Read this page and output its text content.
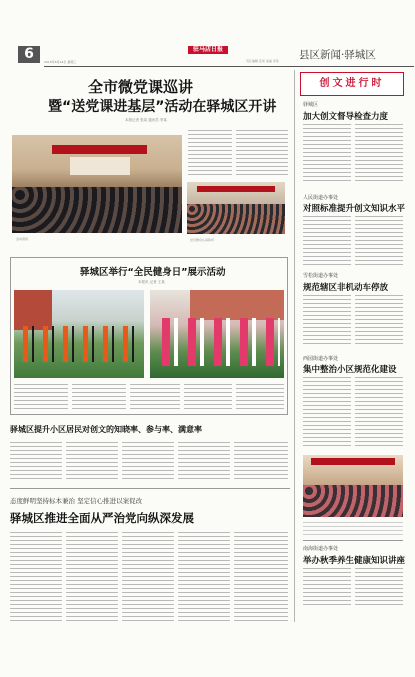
6	2016年8月24日 星期三
驻马店日报
责任编辑 张某 美编 李某 县区新闻·驿城区
全市微党课巡讲
暨“送党课进基层”活动在驿城区开讲
本报记者 张某 通讯员 李某
活动现场	党员群众认真聆听
创文进行时
驿城区
加大创文督导检查力度
人民街道办事处
对照标准提升创文知识水平
雪松街道办事处
规范辖区非机动车停放
西园街道办事处
集中整治小区规范化建设
南海街道办事处
举办秋季养生健康知识讲座
驿城区举行“全民健身日”展示活动
本报讯 记者 王某
驿城区提升小区居民对创文的知晓率、参与率、满意率
态度鲜明坚持标本兼治 坚定信心推进以案促改
驿城区推进全面从严治党向纵深发展
